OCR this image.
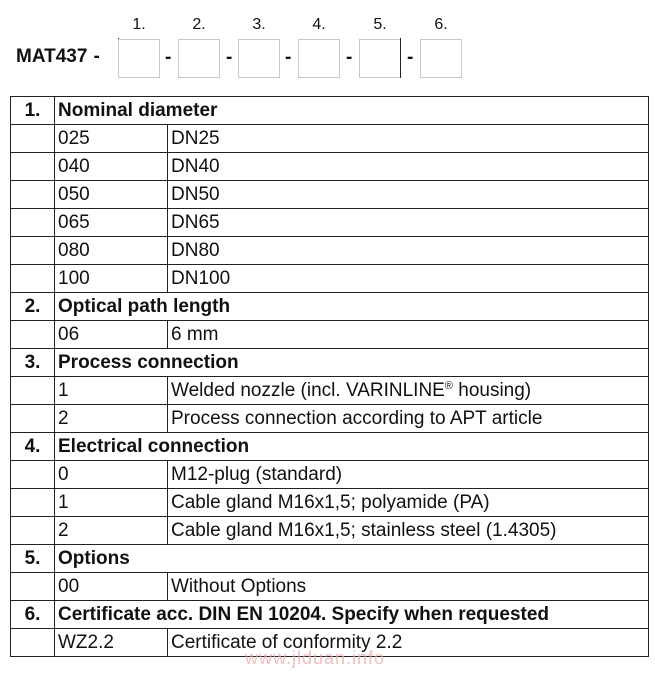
MAT437 -
1.
-
2.
-
3.
-
4.
-
5.
-
6.
1.	Nominal diameter	
	025	DN25
	040	DN40
	050	DN50
	065	DN65
	080	DN80
	100	DN100
2.	Optical path length	
	06	6 mm
3.	Process connection	
	1	Welded nozzle (incl. VARINLINE® housing)
	2	Process connection according to APT article
4.	Electrical connection	
	0	M12-plug (standard)
	1	Cable gland M16x1,5; polyamide (PA)
	2	Cable gland M16x1,5; stainless steel (1.4305)
5.	Options	
	00	Without Options
6.	Certificate acc. DIN EN 10204. Specify when requested	
	WZ2.2	Certificate of conformity 2.2
www.jlduan.info
